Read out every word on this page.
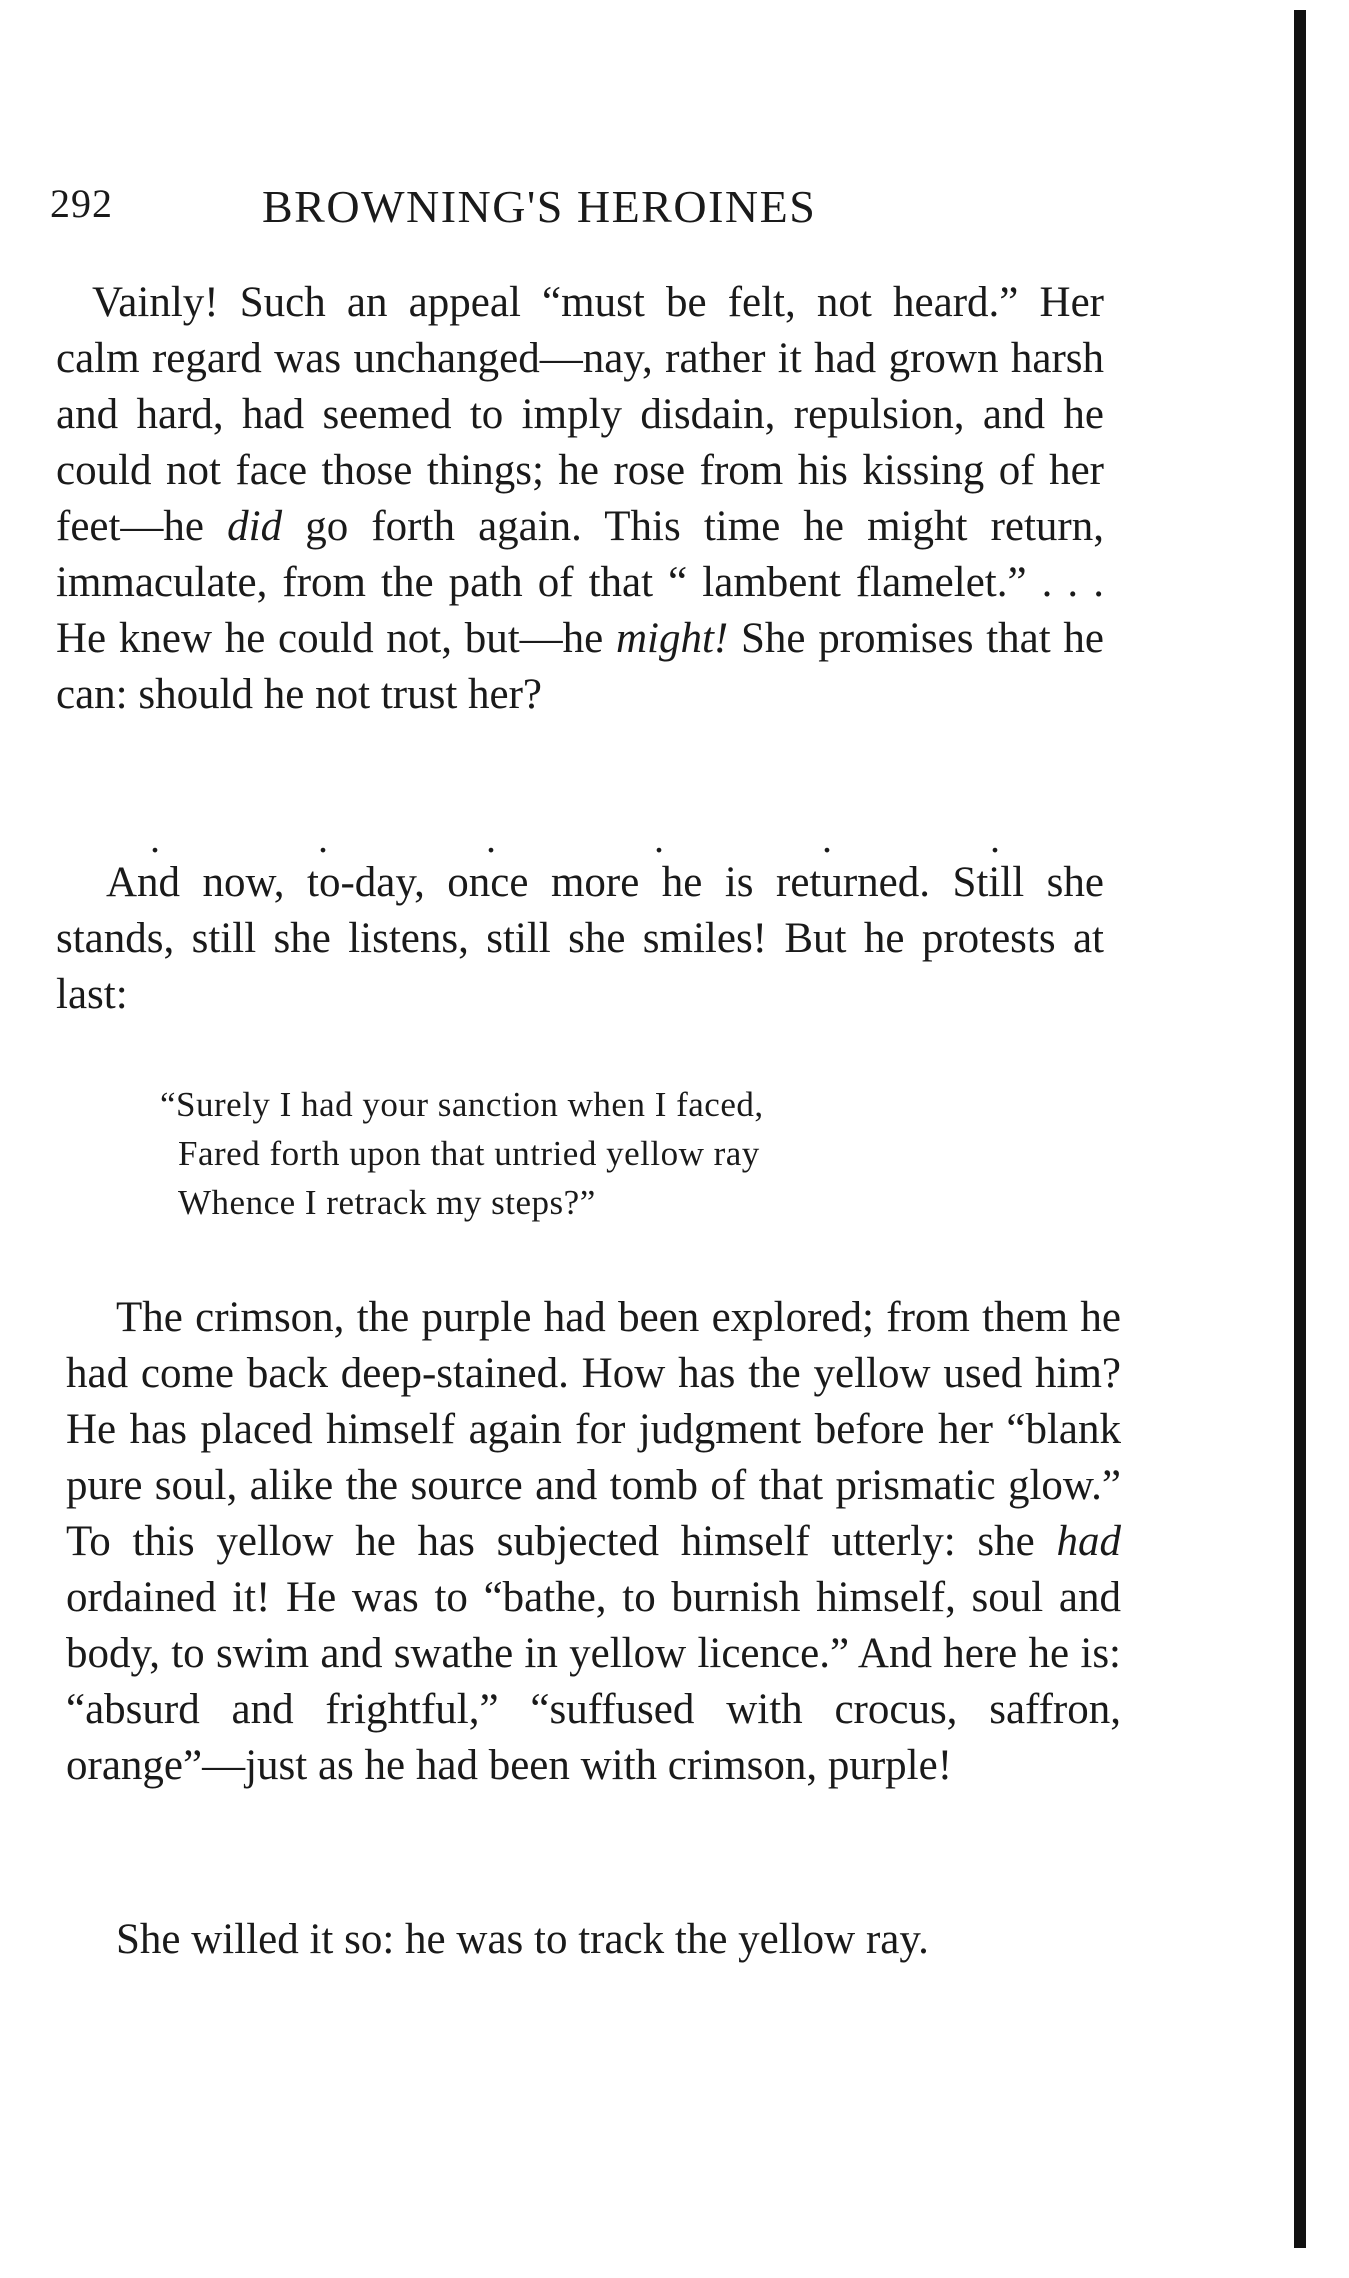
292	BROWNING'S HEROINES

Vainly! Such an appeal “must be felt, not heard.” Her calm regard was unchanged—nay, rather it had grown harsh and hard, had seemed to imply disdain, repulsion, and he could not face those things; he rose from his kissing of her feet—he did go forth again. This time he might return, immaculate, from the path of that “ lambent flamelet.” . . . He knew he could not, but—he might! She promises that he can: should he not trust her?

.	.	.	.	.	.

And now, to-day, once more he is returned. Still she stands, still she listens, still she smiles! But he protests at last:

“Surely I had your sanction when I faced,
Fared forth upon that untried yellow ray
Whence I retrack my steps?”

The crimson, the purple had been explored; from them he had come back deep-stained. How has the yellow used him? He has placed himself again for judgment before her “blank pure soul, alike the source and tomb of that prismatic glow.” To this yellow he has subjected himself utterly: she had ordained it! He was to “bathe, to burnish himself, soul and body, to swim and swathe in yellow licence.” And here he is: “absurd and frightful,” “suffused with crocus, saffron, orange”—just as he had been with crimson, purple!

She willed it so: he was to track the yellow ray.
